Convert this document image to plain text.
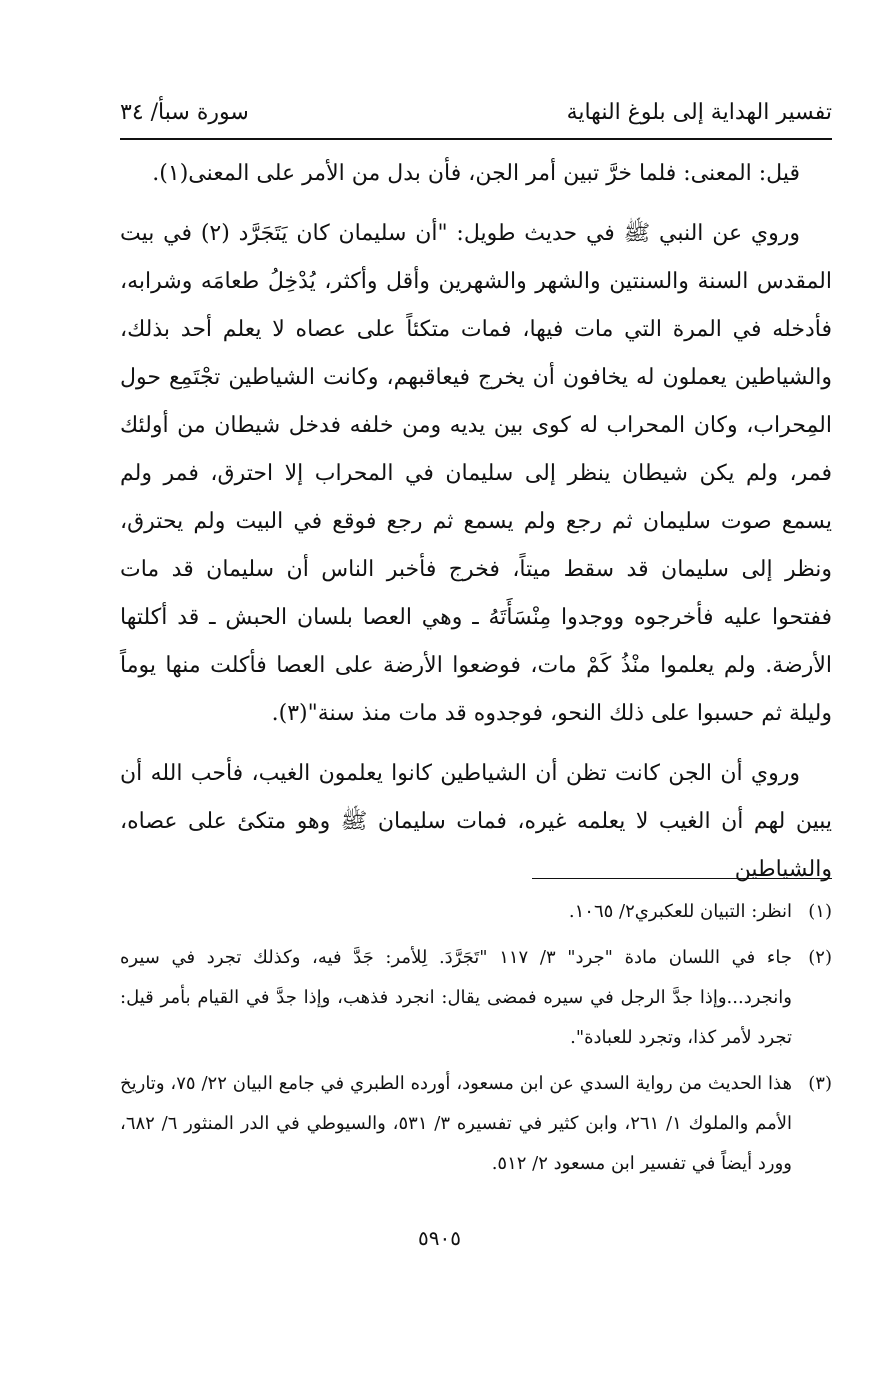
تفسير الهداية إلى بلوغ النهاية
سورة سبأ/ ٣٤

قيل: المعنى: فلما خرَّ تبين أمر الجن، فأن بدل من الأمر على المعنى(١).

وروي عن النبي ﷺ في حديث طويل: "أن سليمان كان يَتَجَرَّد (٢) في بيت المقدس السنة والسنتين والشهر والشهرين وأقل وأكثر، يُدْخِلُ طعامَه وشرابه، فأدخله في المرة التي مات فيها، فمات متكئاً على عصاه لا يعلم أحد بذلك، والشياطين يعملون له يخافون أن يخرج فيعاقبهم، وكانت الشياطين تجْتَمِع حول المِحراب، وكان المحراب له كوى بين يديه ومن خلفه فدخل شيطان من أولئك فمر، ولم يكن شيطان ينظر إلى سليمان في المحراب إلا احترق، فمر ولم يسمع صوت سليمان ثم رجع ولم يسمع ثم رجع فوقع في البيت ولم يحترق، ونظر إلى سليمان قد سقط ميتاً، فخرج فأخبر الناس أن سليمان قد مات ففتحوا عليه فأخرجوه ووجدوا مِنْسَأَتَهُ ـ وهي العصا بلسان الحبش ـ قد أكلتها الأرضة. ولم يعلموا منْذُ كَمْ مات، فوضعوا الأرضة على العصا فأكلت منها يوماً وليلة ثم حسبوا على ذلك النحو، فوجدوه قد مات منذ سنة"(٣).

وروي أن الجن كانت تظن أن الشياطين كانوا يعلمون الغيب، فأحب الله أن يبين لهم أن الغيب لا يعلمه غيره، فمات سليمان ﷺ وهو متكئ على عصاه، والشياطين

(١)
انظر: التبيان للعكبري٢/ ١٠٦٥.
(٢)
جاء في اللسان مادة "جرد" ٣/ ١١٧ "تَجَرَّدَ. لِلأمر: جَدَّ فيه، وكذلك تجرد في سيره وانجرد...وإذا جدَّ الرجل في سيره فمضى يقال: انجرد فذهب، وإذا جدَّ في القيام بأمر قيل: تجرد لأمر كذا، وتجرد للعبادة".
(٣)
هذا الحديث من رواية السدي عن ابن مسعود، أورده الطبري في جامع البيان ٢٢/ ٧٥، وتاريخ الأمم والملوك ١/ ٢٦١، وابن كثير في تفسيره ٣/ ٥٣١، والسيوطي في الدر المنثور ٦/ ٦٨٢، وورد أيضاً في تفسير ابن مسعود ٢/ ٥١٢.
٥٩٠٥
